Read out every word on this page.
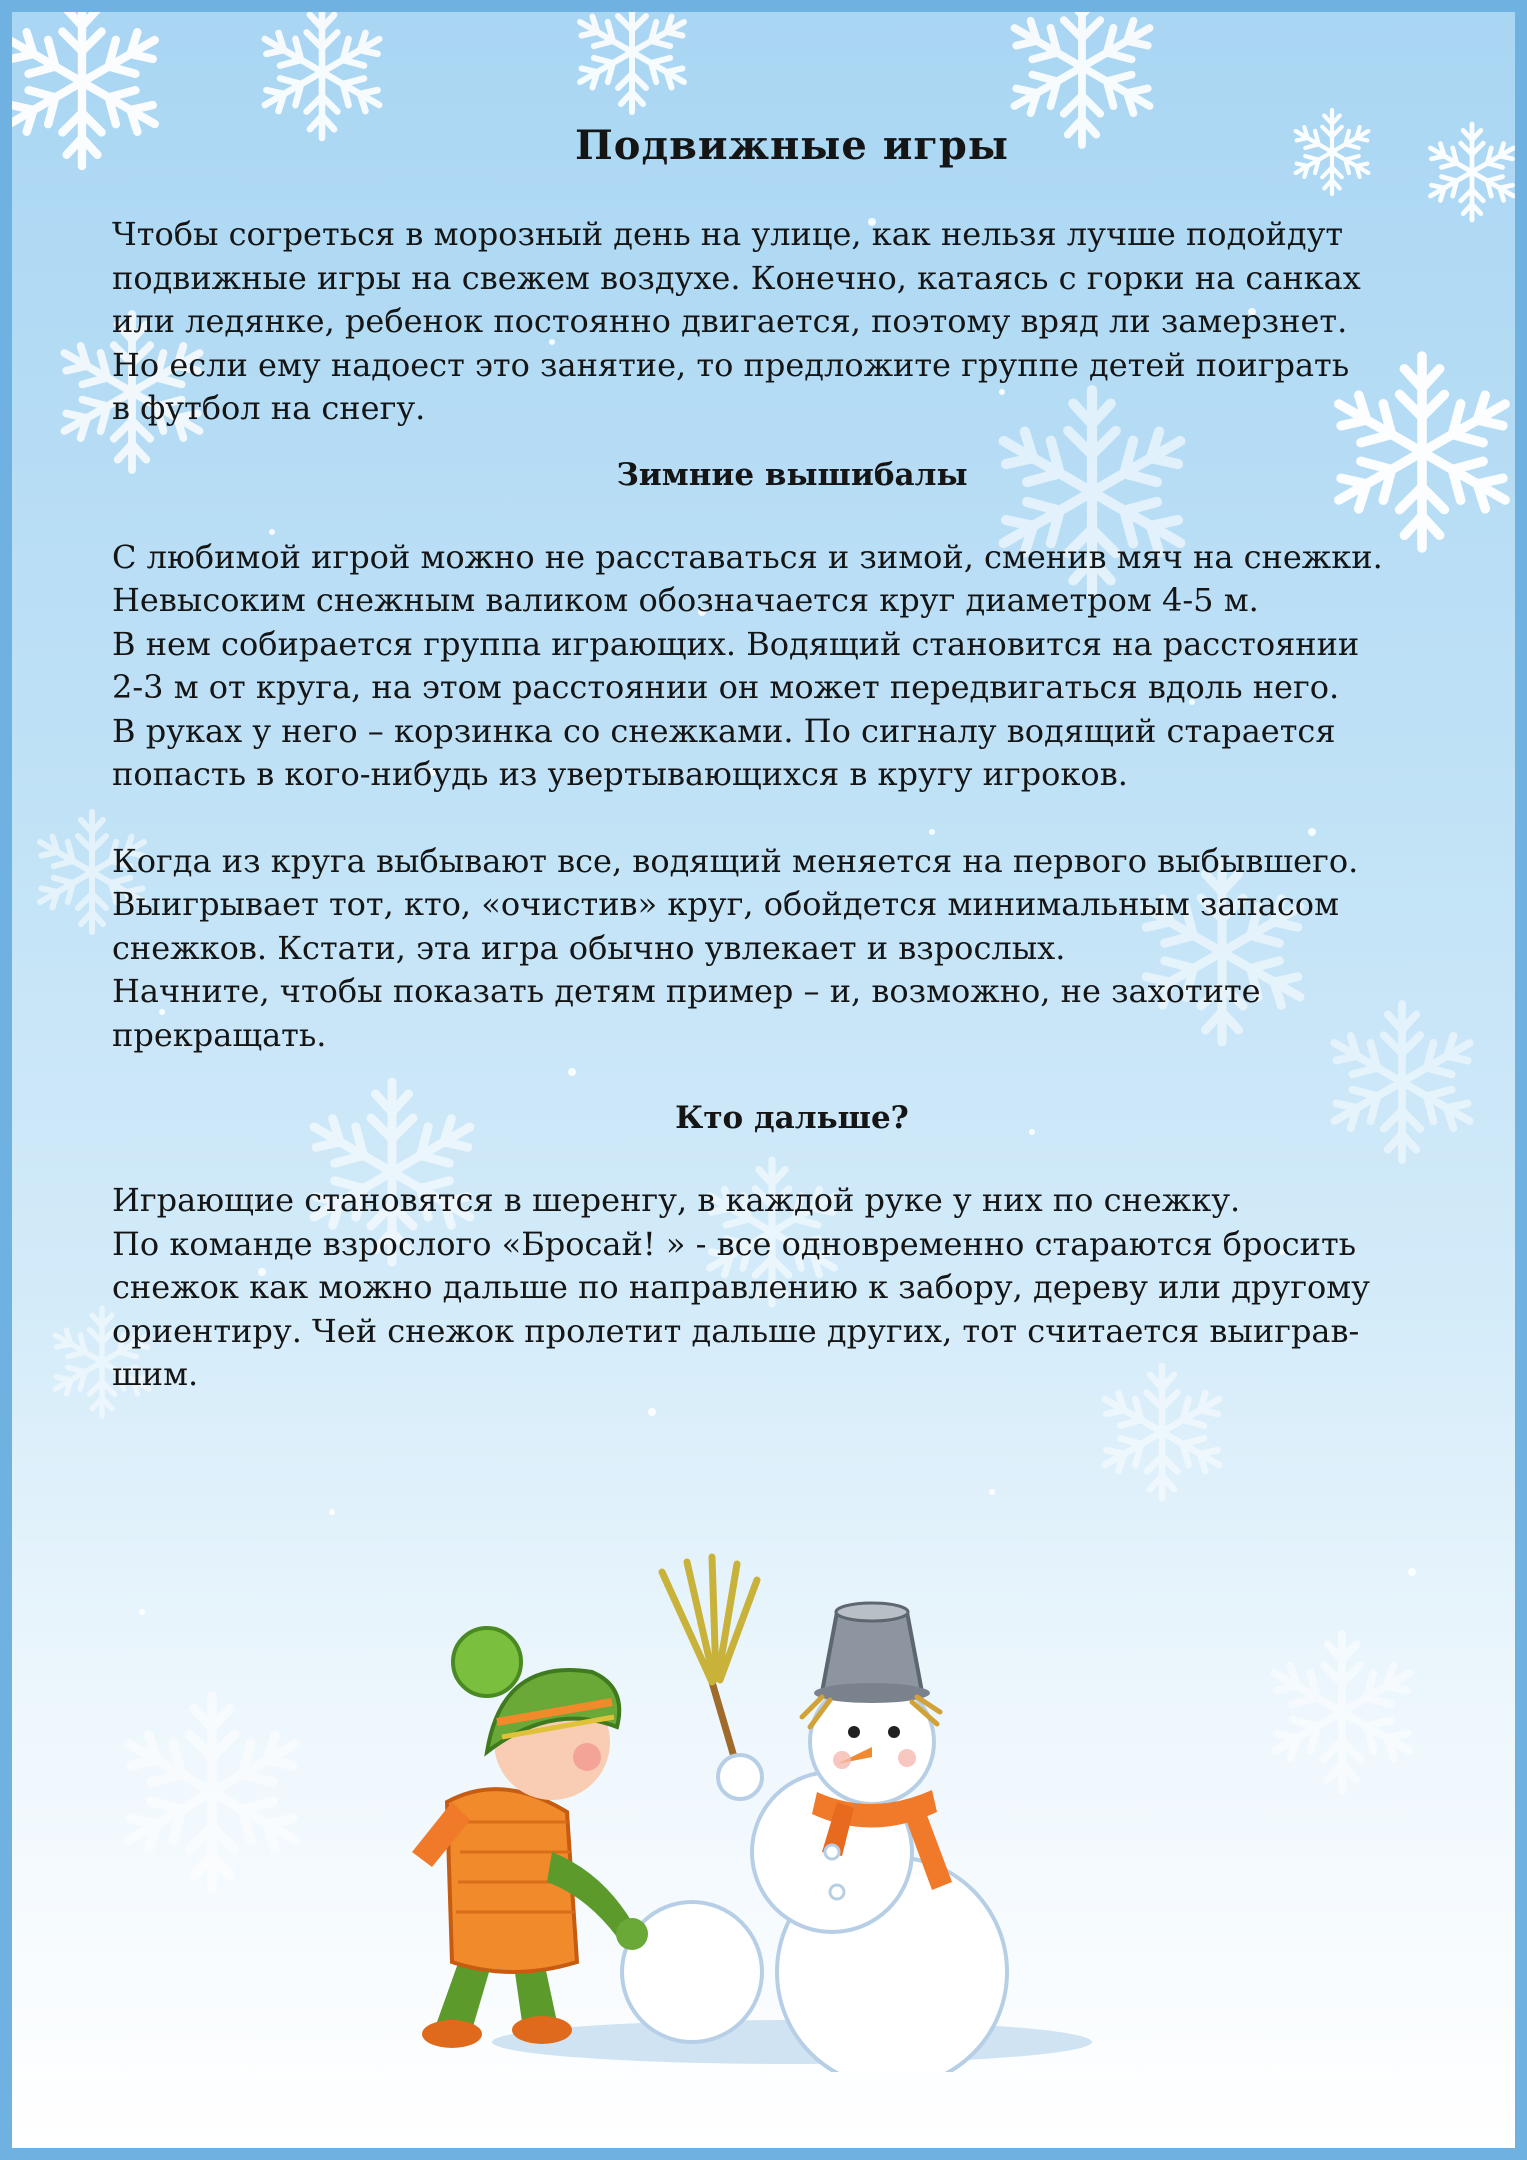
Подвижные игры

Чтобы согреться в морозный день на улице, как нельзя лучше подойдут
подвижные игры на свежем воздухе. Конечно, катаясь с горки на санках
или ледянке, ребенок постоянно двигается, поэтому вряд ли замерзнет.
Но если ему надоест это занятие, то предложите группе детей поиграть
в футбол на снегу.

Зимние вышибалы

С любимой игрой можно не расставаться и зимой, сменив мяч на снежки.
Невысоким снежным валиком обозначается круг диаметром 4-5 м.
В нем собирается группа играющих. Водящий становится на расстоянии
2-3 м от круга, на этом расстоянии он может передвигаться вдоль него.
В руках у него – корзинка со снежками. По сигналу водящий старается
попасть в кого-нибудь из увертывающихся в кругу игроков.

Когда из круга выбывают все, водящий меняется на первого выбывшего.
Выигрывает тот, кто, «очистив» круг, обойдется минимальным запасом
снежков. Кстати, эта игра обычно увлекает и взрослых.
Начните, чтобы показать детям пример – и, возможно, не захотите
прекращать.

Кто дальше?

Играющие становятся в шеренгу, в каждой руке у них по снежку.
По команде взрослого «Бросай! » - все одновременно стараются бросить
снежок как можно дальше по направлению к забору, дереву или другому
ориентиру. Чей снежок пролетит дальше других, тот считается выиграв-
шим.
